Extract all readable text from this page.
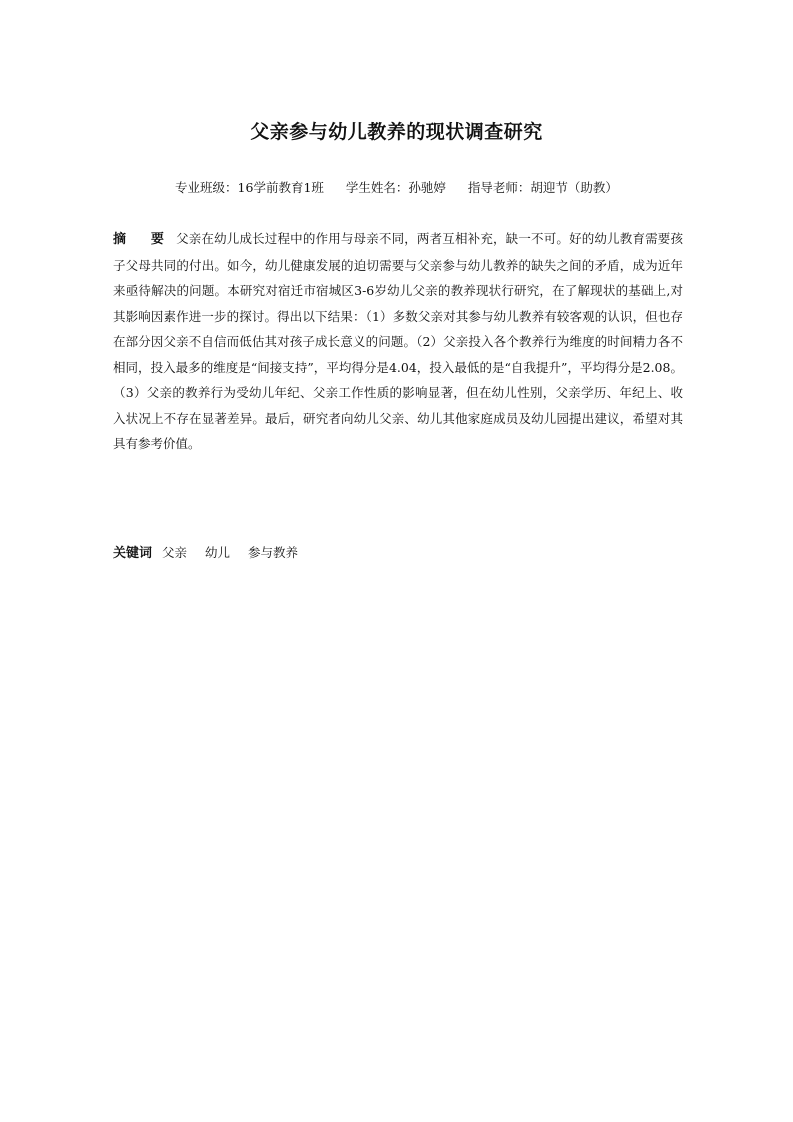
父亲参与幼儿教养的现状调查研究
专业班级：16学前教育1班 学生姓名：孙驰婷 指导老师：胡迎节（助教）
摘 要 父亲在幼儿成长过程中的作用与母亲不同，两者互相补充，缺一不可。好的幼儿教育需要孩子父母共同的付出。如今，幼儿健康发展的迫切需要与父亲参与幼儿教养的缺失之间的矛盾，成为近年来亟待解决的问题。本研究对宿迁市宿城区3-6岁幼儿父亲的教养现状行研究，在了解现状的基础上,对其影响因素作进一步的探讨。得出以下结果：（1）多数父亲对其参与幼儿教养有较客观的认识，但也存在部分因父亲不自信而低估其对孩子成长意义的问题。（2）父亲投入各个教养行为维度的时间精力各不相同，投入最多的维度是“间接支持”，平均得分是4.04，投入最低的是“自我提升”，平均得分是2.08。（3）父亲的教养行为受幼儿年纪、父亲工作性质的影响显著，但在幼儿性别，父亲学历、年纪上、收入状况上不存在显著差异。最后，研究者向幼儿父亲、幼儿其他家庭成员及幼儿园提出建议，希望对其具有参考价值。
关键词 父亲 幼儿 参与教养
